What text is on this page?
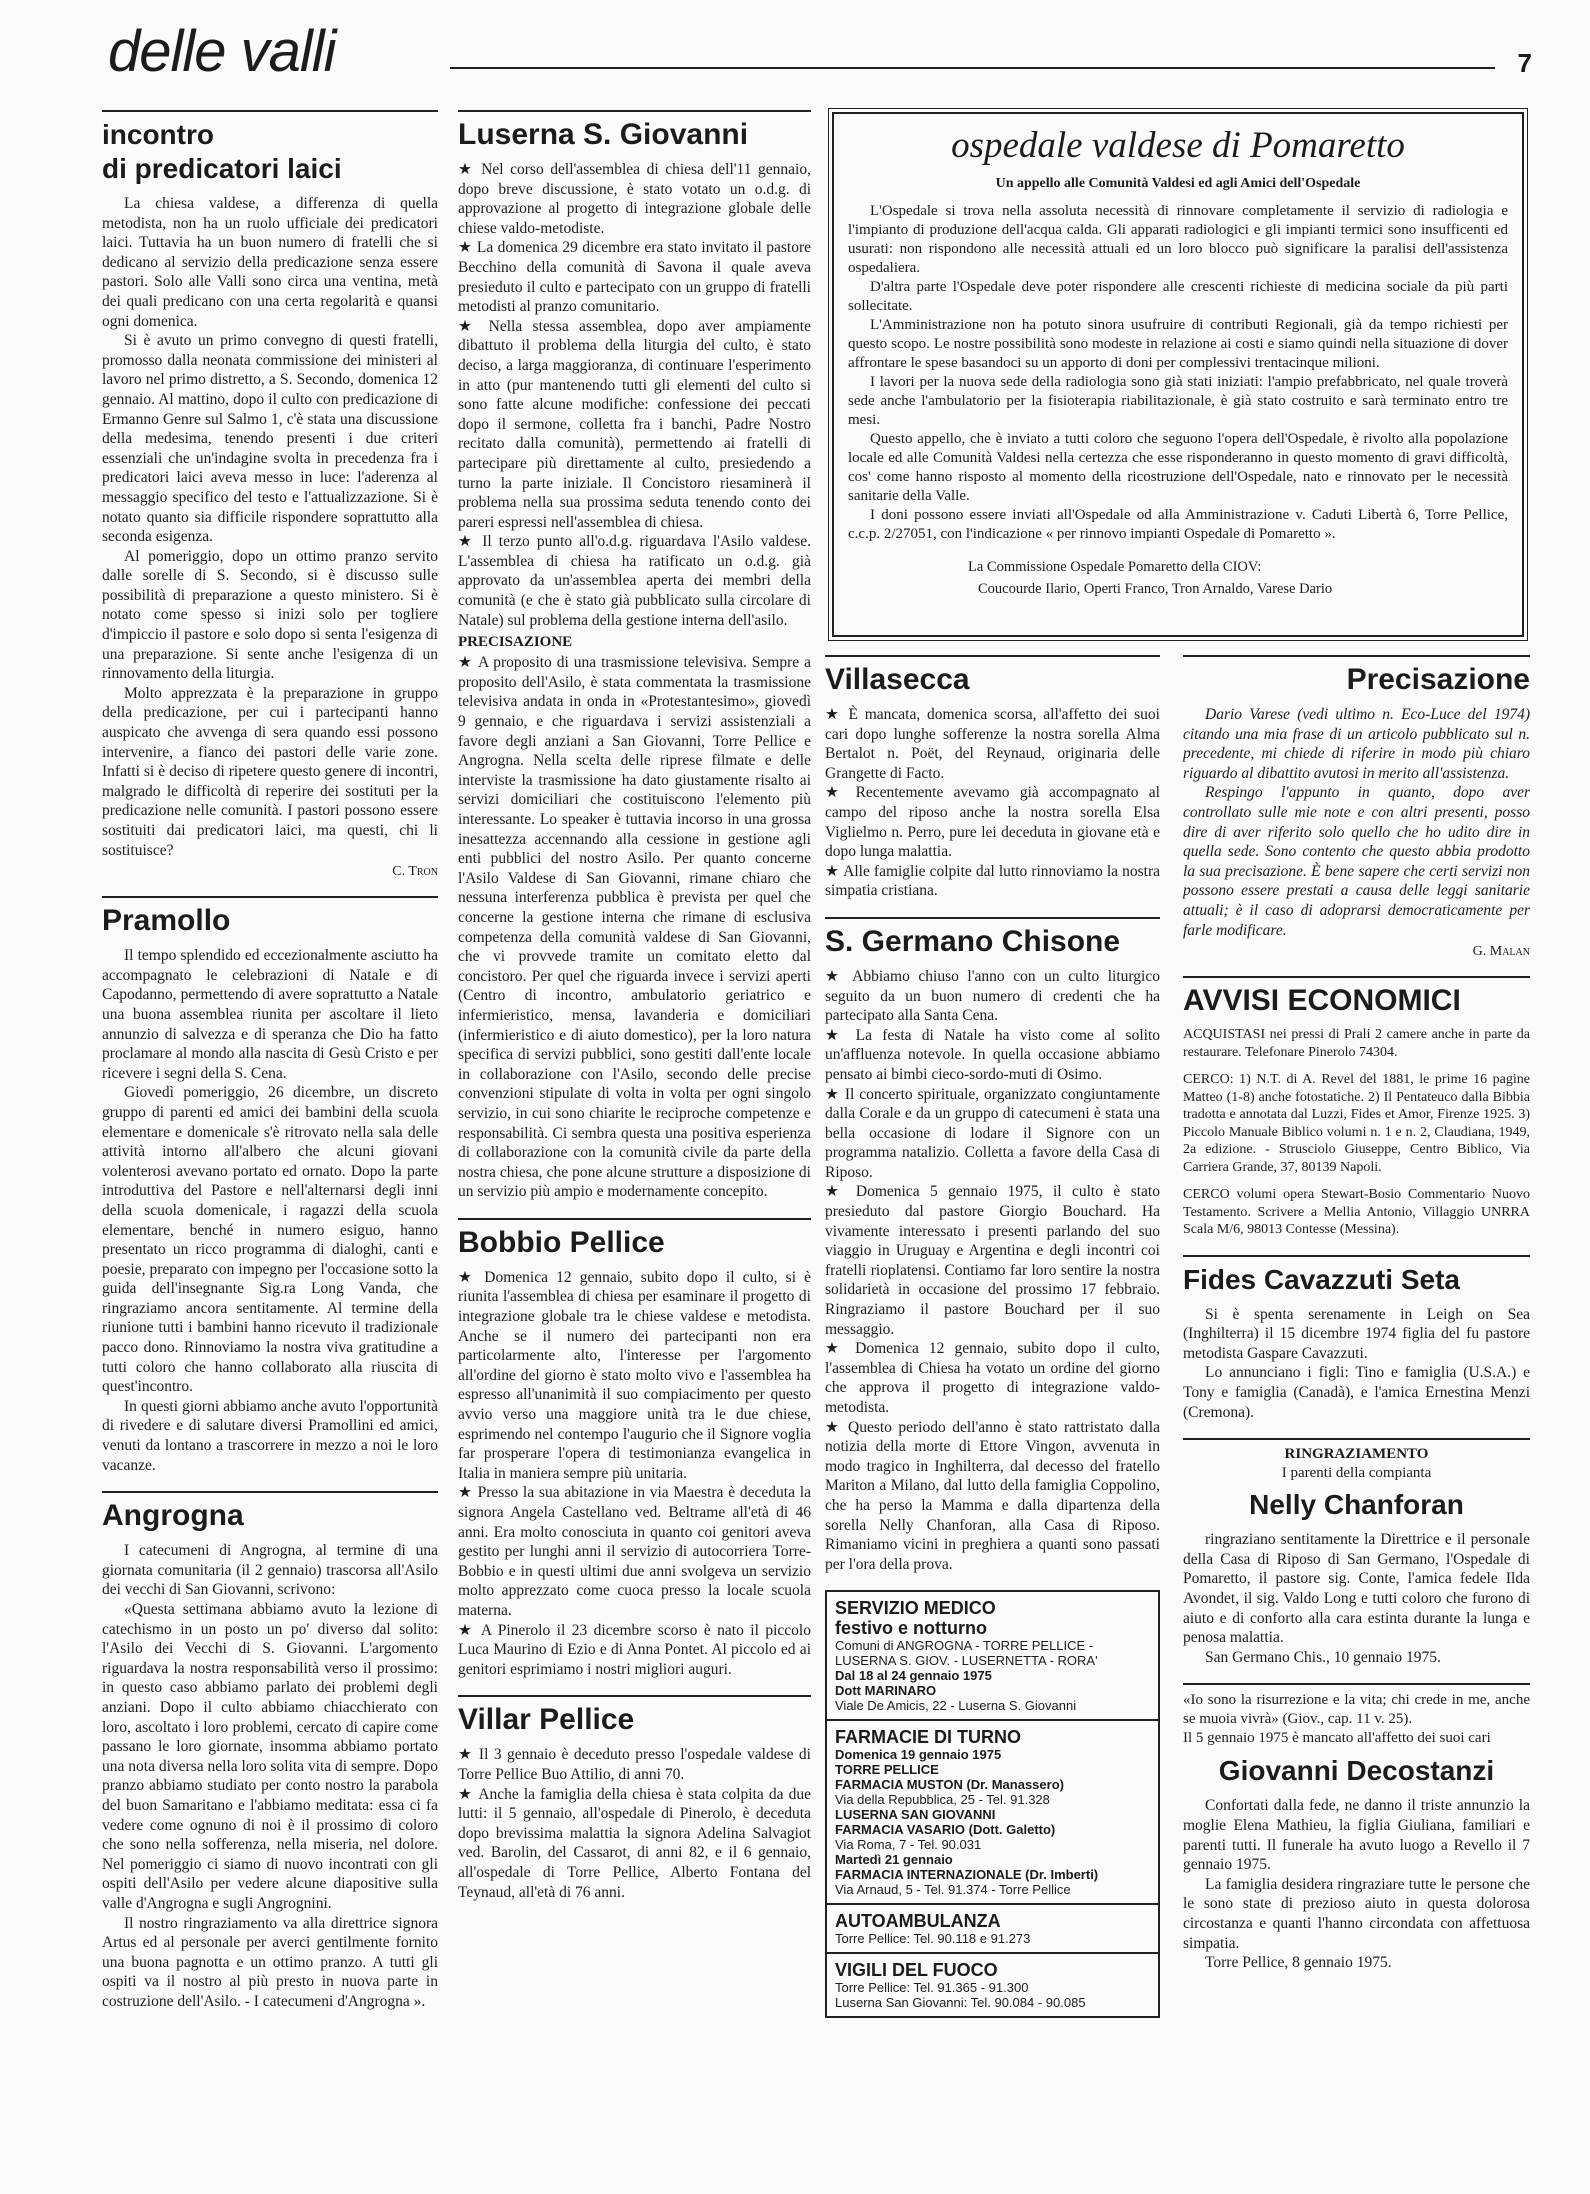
delle valli	7
incontro
di predicatori laici

La chiesa valdese, a differenza di quella metodista, non ha un ruolo ufficiale dei predicatori laici. Tuttavia ha un buon numero di fratelli che si dedicano al servizio della predicazione senza essere pastori. Solo alle Valli sono circa una ventina, metà dei quali predicano con una certa regolarità e quansi ogni domenica.

Si è avuto un primo convegno di questi fratelli, promosso dalla neonata commissione dei ministeri al lavoro nel primo distretto, a S. Secondo, domenica 12 gennaio. Al mattino, dopo il culto con predicazione di Ermanno Genre sul Salmo 1, c'è stata una discussione della medesima, tenendo presenti i due criteri essenziali che un'indagine svolta in precedenza fra i predicatori laici aveva messo in luce: l'aderenza al messaggio specifico del testo e l'attualizzazione. Si è notato quanto sia difficile rispondere soprattutto alla seconda esigenza.

Al pomeriggio, dopo un ottimo pranzo servito dalle sorelle di S. Secondo, si è discusso sulle possibilità di preparazione a questo ministero. Si è notato come spesso si inizi solo per togliere d'impiccio il pastore e solo dopo si senta l'esigenza di una preparazione. Si sente anche l'esigenza di un rinnovamento della liturgia.

Molto apprezzata è la preparazione in gruppo della predicazione, per cui i partecipanti hanno auspicato che avvenga di sera quando essi possono intervenire, a fianco dei pastori delle varie zone. Infatti si è deciso di ripetere questo genere di incontri, malgrado le difficoltà di reperire dei sostituti per la predicazione nelle comunità. I pastori possono essere sostituiti dai predicatori laici, ma questi, chi li sostituisce?

C. Tron
Pramollo

Il tempo splendido ed eccezionalmente asciutto ha accompagnato le celebrazioni di Natale e di Capodanno, permettendo di avere soprattutto a Natale una buona assemblea riunita per ascoltare il lieto annunzio di salvezza e di speranza che Dio ha fatto proclamare al mondo alla nascita di Gesù Cristo e per ricevere i segni della S. Cena.

Giovedì pomeriggio, 26 dicembre, un discreto gruppo di parenti ed amici dei bambini della scuola elementare e domenicale s'è ritrovato nella sala delle attività intorno all'albero che alcuni giovani volenterosi avevano portato ed ornato. Dopo la parte introduttiva del Pastore e nell'alternarsi degli inni della scuola domenicale, i ragazzi della scuola elementare, benché in numero esiguo, hanno presentato un ricco programma di dialoghi, canti e poesie, preparato con impegno per l'occasione sotto la guida dell'insegnante Sig.ra Long Vanda, che ringraziamo ancora sentitamente. Al termine della riunione tutti i bambini hanno ricevuto il tradizionale pacco dono. Rinnoviamo la nostra viva gratitudine a tutti coloro che hanno collaborato alla riuscita di quest'incontro.

In questi giorni abbiamo anche avuto l'opportunità di rivedere e di salutare diversi Pramollini ed amici, venuti da lontano a trascorrere in mezzo a noi le loro vacanze.

Angrogna

I catecumeni di Angrogna, al termine di una giornata comunitaria (il 2 gennaio) trascorsa all'Asilo dei vecchi di San Giovanni, scrivono:

«Questa settimana abbiamo avuto la lezione di catechismo in un posto un po' diverso dal solito: l'Asilo dei Vecchi di S. Giovanni. L'argomento riguardava la nostra responsabilità verso il prossimo: in questo caso abbiamo parlato dei problemi degli anziani. Dopo il culto abbiamo chiacchierato con loro, ascoltato i loro problemi, cercato di capire come passano le loro giornate, insomma abbiamo portato una nota diversa nella loro solita vita di sempre. Dopo pranzo abbiamo studiato per conto nostro la parabola del buon Samaritano e l'abbiamo meditata: essa ci fa vedere come ognuno di noi è il prossimo di coloro che sono nella sofferenza, nella miseria, nel dolore. Nel pomeriggio ci siamo di nuovo incontrati con gli ospiti dell'Asilo per vedere alcune diapositive sulla valle d'Angrogna e sugli Angrognini.

Il nostro ringraziamento va alla direttrice signora Artus ed al personale per averci gentilmente fornito una buona pagnotta e un ottimo pranzo. A tutti gli ospiti va il nostro al più presto in nuova parte in costruzione dell'Asilo. - I catecumeni d'Angrogna ».

Luserna S. Giovanni

★ Nel corso dell'assemblea di chiesa dell'11 gennaio, dopo breve discussione, è stato votato un o.d.g. di approvazione al progetto di integrazione globale delle chiese valdo-metodiste.

★ La domenica 29 dicembre era stato invitato il pastore Becchino della comunità di Savona il quale aveva presieduto il culto e partecipato con un gruppo di fratelli metodisti al pranzo comunitario.

★ Nella stessa assemblea, dopo aver ampiamente dibattuto il problema della liturgia del culto, è stato deciso, a larga maggioranza, di continuare l'esperimento in atto (pur mantenendo tutti gli elementi del culto si sono fatte alcune modifiche: confessione dei peccati dopo il sermone, colletta fra i banchi, Padre Nostro recitato dalla comunità), permettendo ai fratelli di partecipare più direttamente al culto, presiedendo a turno la parte iniziale. Il Concistoro riesaminerà il problema nella sua prossima seduta tenendo conto dei pareri espressi nell'assemblea di chiesa.

★ Il terzo punto all'o.d.g. riguardava l'Asilo valdese. L'assemblea di chiesa ha ratificato un o.d.g. già approvato da un'assemblea aperta dei membri della comunità (e che è stato già pubblicato sulla circolare di Natale) sul problema della gestione interna dell'asilo.

PRECISAZIONE

★ A proposito di una trasmissione televisiva. Sempre a proposito dell'Asilo, è stata commentata la trasmissione televisiva andata in onda in «Protestantesimo», giovedì 9 gennaio, e che riguardava i servizi assistenziali a favore degli anziani a San Giovanni, Torre Pellice e Angrogna. Nella scelta delle riprese filmate e delle interviste la trasmissione ha dato giustamente risalto ai servizi domiciliari che costituiscono l'elemento più interessante. Lo speaker è tuttavia incorso in una grossa inesattezza accennando alla cessione in gestione agli enti pubblici del nostro Asilo. Per quanto concerne l'Asilo Valdese di San Giovanni, rimane chiaro che nessuna interferenza pubblica è prevista per quel che concerne la gestione interna che rimane di esclusiva competenza della comunità valdese di San Giovanni, che vi provvede tramite un comitato eletto dal concistoro. Per quel che riguarda invece i servizi aperti (Centro di incontro, ambulatorio geriatrico e infermieristico, mensa, lavanderia e domiciliari (infermieristico e di aiuto domestico), per la loro natura specifica di servizi pubblici, sono gestiti dall'ente locale in collaborazione con l'Asilo, secondo delle precise convenzioni stipulate di volta in volta per ogni singolo servizio, in cui sono chiarite le reciproche competenze e responsabilità. Ci sembra questa una positiva esperienza di collaborazione con la comunità civile da parte della nostra chiesa, che pone alcune strutture a disposizione di un servizio più ampio e modernamente concepito.

Bobbio Pellice

★ Domenica 12 gennaio, subito dopo il culto, si è riunita l'assemblea di chiesa per esaminare il progetto di integrazione globale tra le chiese valdese e metodista. Anche se il numero dei partecipanti non era particolarmente alto, l'interesse per l'argomento all'ordine del giorno è stato molto vivo e l'assemblea ha espresso all'unanimità il suo compiacimento per questo avvio verso una maggiore unità tra le due chiese, esprimendo nel contempo l'augurio che il Signore voglia far prosperare l'opera di testimonianza evangelica in Italia in maniera sempre più unitaria.

★ Presso la sua abitazione in via Maestra è deceduta la signora Angela Castellano ved. Beltrame all'età di 46 anni. Era molto conosciuta in quanto coi genitori aveva gestito per lunghi anni il servizio di autocorriera Torre-Bobbio e in questi ultimi due anni svolgeva un servizio molto apprezzato come cuoca presso la locale scuola materna.

★ A Pinerolo il 23 dicembre scorso è nato il piccolo Luca Maurino di Ezio e di Anna Pontet. Al piccolo ed ai genitori esprimiamo i nostri migliori auguri.

Villar Pellice

★ Il 3 gennaio è deceduto presso l'ospedale valdese di Torre Pellice Buo Attilio, di anni 70.

★ Anche la famiglia della chiesa è stata colpita da due lutti: il 5 gennaio, all'ospedale di Pinerolo, è deceduta dopo brevissima malattia la signora Adelina Salvagiot ved. Barolin, del Cassarot, di anni 82, e il 6 gennaio, all'ospedale di Torre Pellice, Alberto Fontana del Teynaud, all'età di 76 anni.

ospedale valdese di Pomaretto
Un appello alle Comunità Valdesi ed agli Amici dell'Ospedale

L'Ospedale si trova nella assoluta necessità di rinnovare completamente il servizio di radiologia e l'impianto di produzione dell'acqua calda. Gli apparati radiologici e gli impianti termici sono insufficenti ed usurati: non rispondono alle necessità attuali ed un loro blocco può significare la paralisi dell'assistenza ospedaliera.

D'altra parte l'Ospedale deve poter rispondere alle crescenti richieste di medicina sociale da più parti sollecitate.

L'Amministrazione non ha potuto sinora usufruire di contributi Regionali, già da tempo richiesti per questo scopo. Le nostre possibilità sono modeste in relazione ai costi e siamo quindi nella situazione di dover affrontare le spese basandoci su un apporto di doni per complessivi trentacinque milioni.

I lavori per la nuova sede della radiologia sono già stati iniziati: l'ampio prefabbricato, nel quale troverà sede anche l'ambulatorio per la fisioterapia riabilitazionale, è già stato costruito e sarà terminato entro tre mesi.

Questo appello, che è inviato a tutti coloro che seguono l'opera dell'Ospedale, è rivolto alla popolazione locale ed alle Comunità Valdesi nella certezza che esse risponderanno in questo momento di gravi difficoltà, cos' come hanno risposto al momento della ricostruzione dell'Ospedale, nato e rinnovato per le necessità sanitarie della Valle.

I doni possono essere inviati all'Ospedale od alla Amministrazione v. Caduti Libertà 6, Torre Pellice, c.c.p. 2/27051, con l'indicazione « per rinnovo impianti Ospedale di Pomaretto ».

La Commissione Ospedale Pomaretto della CIOV:
Coucourde Ilario, Operti Franco, Tron Arnaldo, Varese Dario
Villasecca

★ È mancata, domenica scorsa, all'affetto dei suoi cari dopo lunghe sofferenze la nostra sorella Alma Bertalot n. Poët, del Reynaud, originaria delle Grangette di Facto.

★ Recentemente avevamo già accompagnato al campo del riposo anche la nostra sorella Elsa Viglielmo n. Perro, pure lei deceduta in giovane età e dopo lunga malattia.

★ Alle famiglie colpite dal lutto rinnoviamo la nostra simpatia cristiana.

S. Germano Chisone

★ Abbiamo chiuso l'anno con un culto liturgico seguito da un buon numero di credenti che ha partecipato alla Santa Cena.

★ La festa di Natale ha visto come al solito un'affluenza notevole. In quella occasione abbiamo pensato ai bimbi cieco-sordo-muti di Osimo.

★ Il concerto spirituale, organizzato congiuntamente dalla Corale e da un gruppo di catecumeni è stata una bella occasione di lodare il Signore con un programma natalizio. Colletta a favore della Casa di Riposo.

★ Domenica 5 gennaio 1975, il culto è stato presieduto dal pastore Giorgio Bouchard. Ha vivamente interessato i presenti parlando del suo viaggio in Uruguay e Argentina e degli incontri coi fratelli rioplatensi. Contiamo far loro sentire la nostra solidarietà in occasione del prossimo 17 febbraio. Ringraziamo il pastore Bouchard per il suo messaggio.

★ Domenica 12 gennaio, subito dopo il culto, l'assemblea di Chiesa ha votato un ordine del giorno che approva il progetto di integrazione valdo-metodista.

★ Questo periodo dell'anno è stato rattristato dalla notizia della morte di Ettore Vingon, avvenuta in modo tragico in Inghilterra, dal decesso del fratello Mariton a Milano, dal lutto della famiglia Coppolino, che ha perso la Mamma e dalla dipartenza della sorella Nelly Chanforan, alla Casa di Riposo. Rimaniamo vicini in preghiera a quanti sono passati per l'ora della prova.

SERVIZIO MEDICO
festivo e notturno
Comuni di ANGROGNA - TORRE PELLICE - LUSERNA S. GIOV. - LUSERNETTA - RORA'
Dal 18 al 24 gennaio 1975
Dott MARINARO
Viale De Amicis, 22 - Luserna S. Giovanni
FARMACIE DI TURNO
Domenica 19 gennaio 1975
TORRE PELLICE
FARMACIA MUSTON (Dr. Manassero)
Via della Repubblica, 25 - Tel. 91.328
LUSERNA SAN GIOVANNI
FARMACIA VASARIO (Dott. Galetto)
Via Roma, 7 - Tel. 90.031
Martedì 21 gennaio
FARMACIA INTERNAZIONALE (Dr. Imberti)
Via Arnaud, 5 - Tel. 91.374 - Torre Pellice
AUTOAMBULANZA
Torre Pellice: Tel. 90.118 e 91.273
VIGILI DEL FUOCO
Torre Pellice: Tel. 91.365 - 91.300
Luserna San Giovanni: Tel. 90.084 - 90.085
Precisazione

Dario Varese (vedi ultimo n. Eco-Luce del 1974) citando una mia frase di un articolo pubblicato sul n. precedente, mi chiede di riferire in modo più chiaro riguardo al dibattito avutosi in merito all'assistenza.

Respingo l'appunto in quanto, dopo aver controllato sulle mie note e con altri presenti, posso dire di aver riferito solo quello che ho udito dire in quella sede. Sono contento che questo abbia prodotto la sua precisazione. È bene sapere che certi servizi non possono essere prestati a causa delle leggi sanitarie attuali; è il caso di adoprarsi democraticamente per farle modificare.

G. Malan
AVVISI ECONOMICI
ACQUISTASI nei pressi di Prali 2 camere anche in parte da restaurare. Telefonare Pinerolo 74304.
CERCO: 1) N.T. di A. Revel del 1881, le prime 16 pagine Matteo (1-8) anche fotostatiche. 2) Il Pentateuco dalla Bibbia tradotta e annotata dal Luzzi, Fides et Amor, Firenze 1925. 3) Piccolo Manuale Biblico volumi n. 1 e n. 2, Claudiana, 1949, 2a edizione. - Strusciolo Giuseppe, Centro Biblico, Via Carriera Grande, 37, 80139 Napoli.
CERCO volumi opera Stewart-Bosio Commentario Nuovo Testamento. Scrivere a Mellia Antonio, Villaggio UNRRA Scala M/6, 98013 Contesse (Messina).
Fides Cavazzuti Seta

Si è spenta serenamente in Leigh on Sea (Inghilterra) il 15 dicembre 1974 figlia del fu pastore metodista Gaspare Cavazzuti.

Lo annunciano i figli: Tino e famiglia (U.S.A.) e Tony e famiglia (Canadà), e l'amica Ernestina Menzi (Cremona).

RINGRAZIAMENTO
I parenti della compianta
Nelly Chanforan

ringraziano sentitamente la Direttrice e il personale della Casa di Riposo di San Germano, l'Ospedale di Pomaretto, il pastore sig. Conte, l'amica fedele Ilda Avondet, il sig. Valdo Long e tutti coloro che furono di aiuto e di conforto alla cara estinta durante la lunga e penosa malattia.

San Germano Chis., 10 gennaio 1975.

«Io sono la risurrezione e la vita; chi crede in me, anche se muoia vivrà» (Giov., cap. 11 v. 25).

Il 5 gennaio 1975 è mancato all'affetto dei suoi cari

Giovanni Decostanzi

Confortati dalla fede, ne danno il triste annunzio la moglie Elena Mathieu, la figlia Giuliana, familiari e parenti tutti. Il funerale ha avuto luogo a Revello il 7 gennaio 1975.

La famiglia desidera ringraziare tutte le persone che le sono state di prezioso aiuto in questa dolorosa circostanza e quanti l'hanno circondata con affettuosa simpatia.

Torre Pellice, 8 gennaio 1975.
